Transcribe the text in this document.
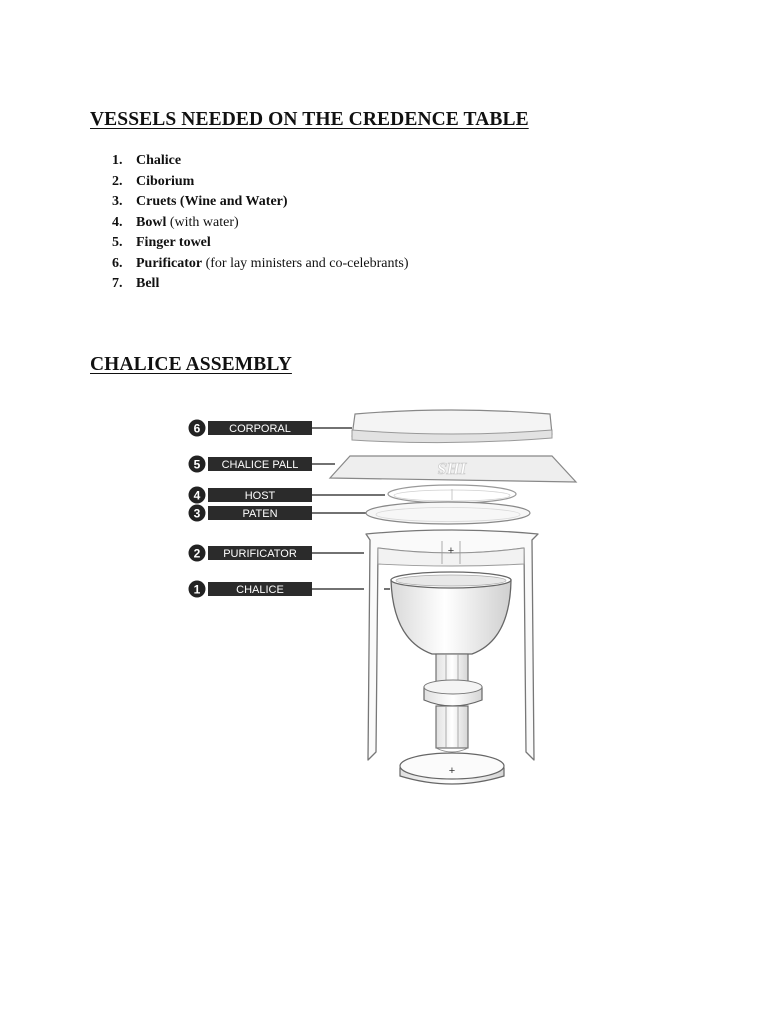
VESSELS NEEDED ON THE CREDENCE TABLE
1. Chalice
2. Ciborium
3. Cruets (Wine and Water)
4. Bowl (with water)
5. Finger towel
6. Purificator (for lay ministers and co-celebrants)
7. Bell
CHALICE ASSEMBLY
6	CORPORAL
5 CHALICE PALL
4	HOST
3	PATEN
2 PURIFICATOR
1	CHALICE
IHS
+
+
